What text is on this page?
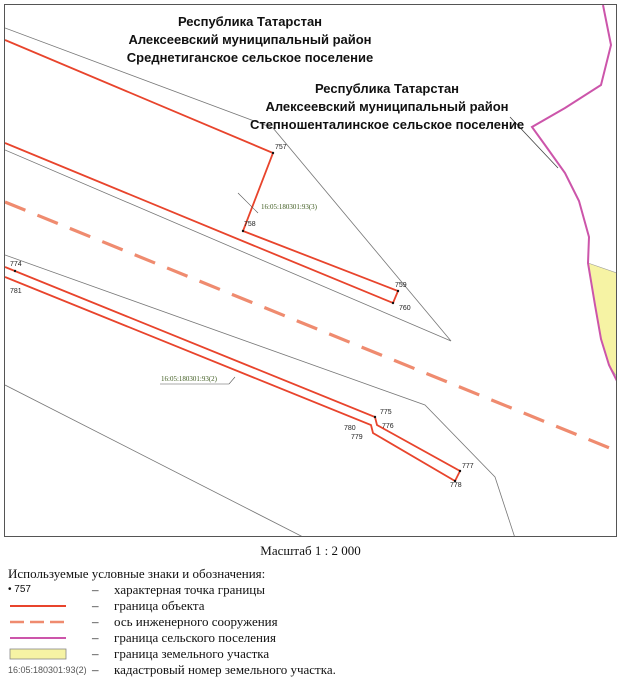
Республика Татарстан
Алексеевский муниципальный район
Среднетиганское сельское поселение
Республика Татарстан
Алексеевский муниципальный район
Степношенталинское сельское поселение
757
758
759
760
774
781
775
776
780
779
777
778
16:05:180301:93(3)
16:05:180301:93(2)
Масштаб 1 : 2 000
Используемые условные знаки и обозначения:
• 757	– характерная точка границы
– граница объекта
– ось инженерного сооружения
– граница сельского поселения
– граница земельного участка
16:05:180301:93(2) – кадастровый номер земельного участка.
